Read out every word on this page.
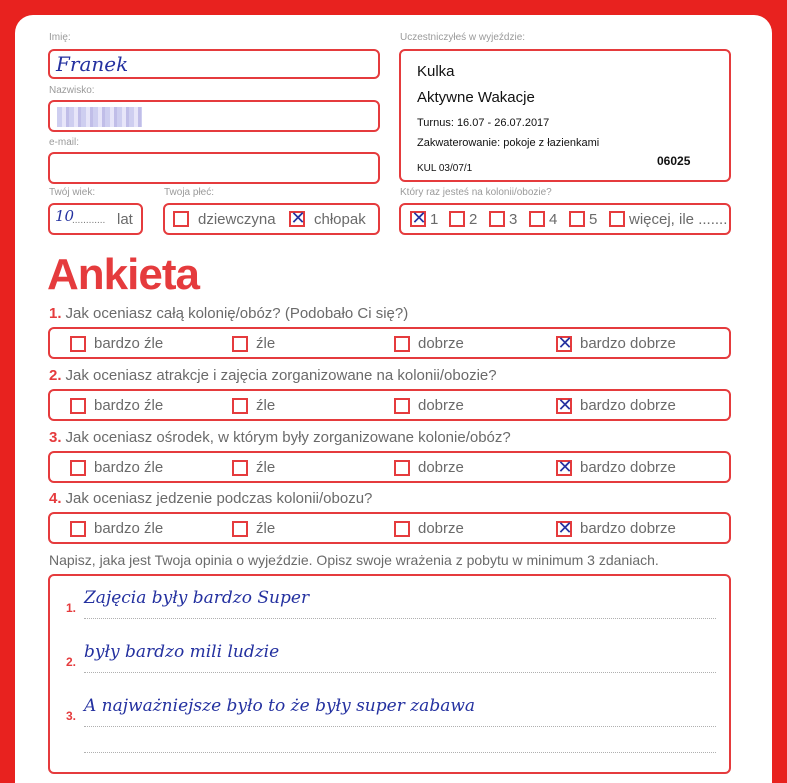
Imię:
Franek
Nazwisko:
e-mail:
Twój wiek:
10
............ lat
Twoja płeć:
dziewczyna ✕ chłopak
Uczestniczyłeś w wyjeździe:
Kulka
Aktywne Wakacje
Turnus: 16.07 - 26.07.2017
Zakwaterowanie: pokoje z łazienkami
KUL 03/07/1
06025
Który raz jesteś na kolonii/obozie?
✕ 1 2 3 4 5 więcej, ile .......
Ankieta
1. Jak oceniasz całą kolonię/obóz? (Podobało Ci się?)
bardzo źle	źle	dobrze	✕ bardzo dobrze
2. Jak oceniasz atrakcje i zajęcia zorganizowane na kolonii/obozie?
bardzo źle	źle	dobrze	✕ bardzo dobrze
3. Jak oceniasz ośrodek, w którym były zorganizowane kolonie/obóz?
bardzo źle	źle	dobrze	✕ bardzo dobrze
4. Jak oceniasz jedzenie podczas kolonii/obozu?
bardzo źle	źle	dobrze	✕ bardzo dobrze
Napisz, jaka jest Twoja opinia o wyjeździe. Opisz swoje wrażenia z pobytu w minimum 3 zdaniach.
1. Zajęcia były bardzo Super
2. były bardzo mili ludzie
3. A najważniejsze było to że były super zabawa
